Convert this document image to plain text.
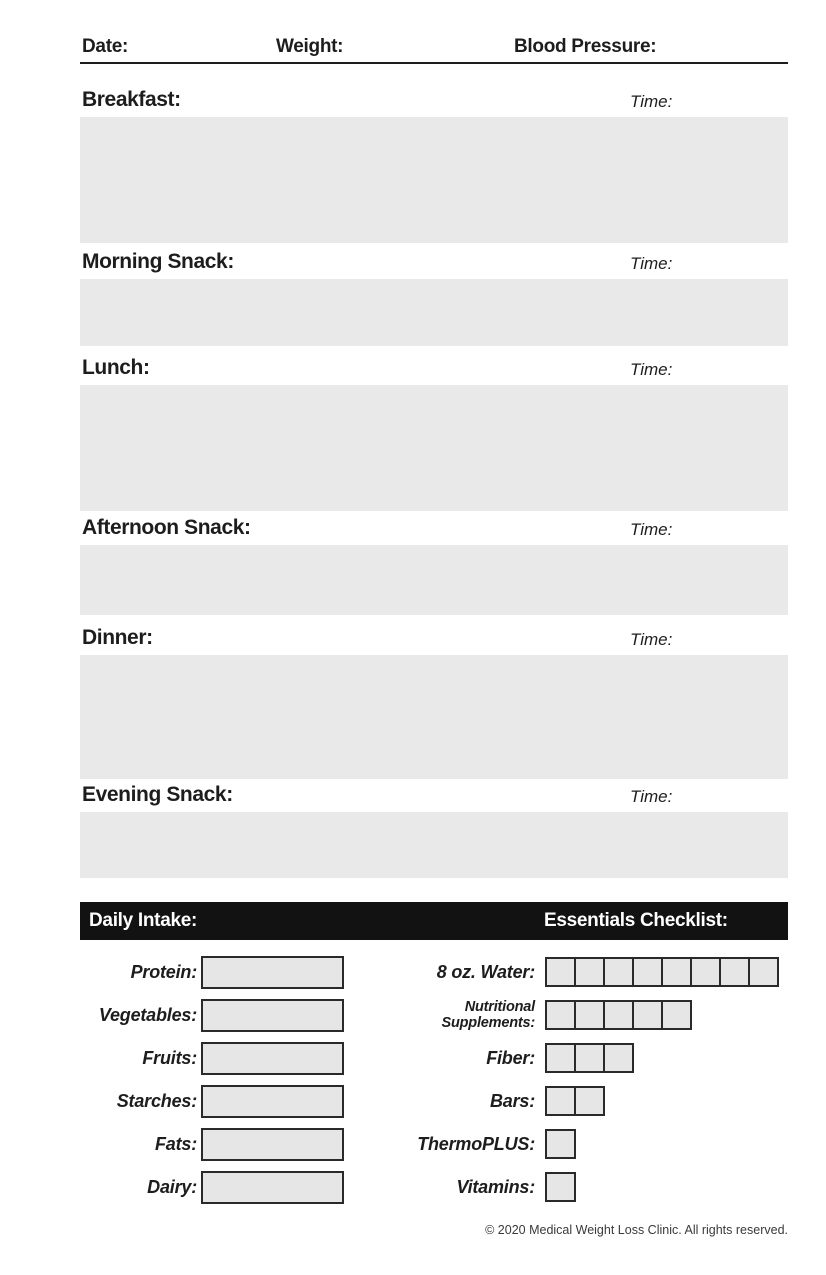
Date:	Weight:	Blood Pressure:
Breakfast:	Time:
Morning Snack:	Time:
Lunch:	Time:
Afternoon Snack:	Time:
Dinner:	Time:
Evening Snack:	Time:
Daily Intake:	Essentials Checklist:
Protein:
Vegetables:
Fruits:
Starches:
Fats:
Dairy:
8 oz. Water:
Nutritional Supplements:
Fiber:
Bars:
ThermoPLUS:
Vitamins:
© 2020 Medical Weight Loss Clinic. All rights reserved.
